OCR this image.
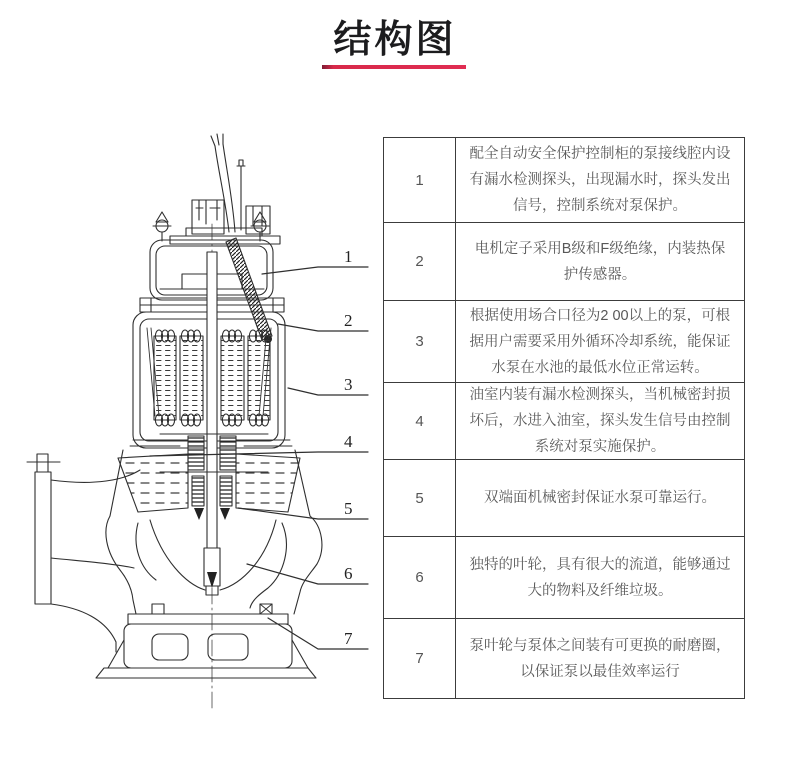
结构图
1
2
3
4
5
6
7
1
配全自动安全保护控制柜的泵接线腔内设有漏水检测探头，出现漏水时，探头发出信号，控制系统对泵保护。
2
电机定子采用B级和F级绝缘，内装热保护传感器。
3
根据使用场合口径为2 00以上的泵，可根据用户需要采用外循环冷却系统，能保证水泵在水池的最低水位正常运转。
4
油室内装有漏水检测探头，当机械密封损坏后，水进入油室，探头发生信号由控制系统对泵实施保护。
5	双端面机械密封保证水泵可靠运行。
6
独特的叶轮，具有很大的流道，能够通过大的物料及纤维垃圾。
7
泵叶轮与泵体之间装有可更换的耐磨圈，以保证泵以最佳效率运行
